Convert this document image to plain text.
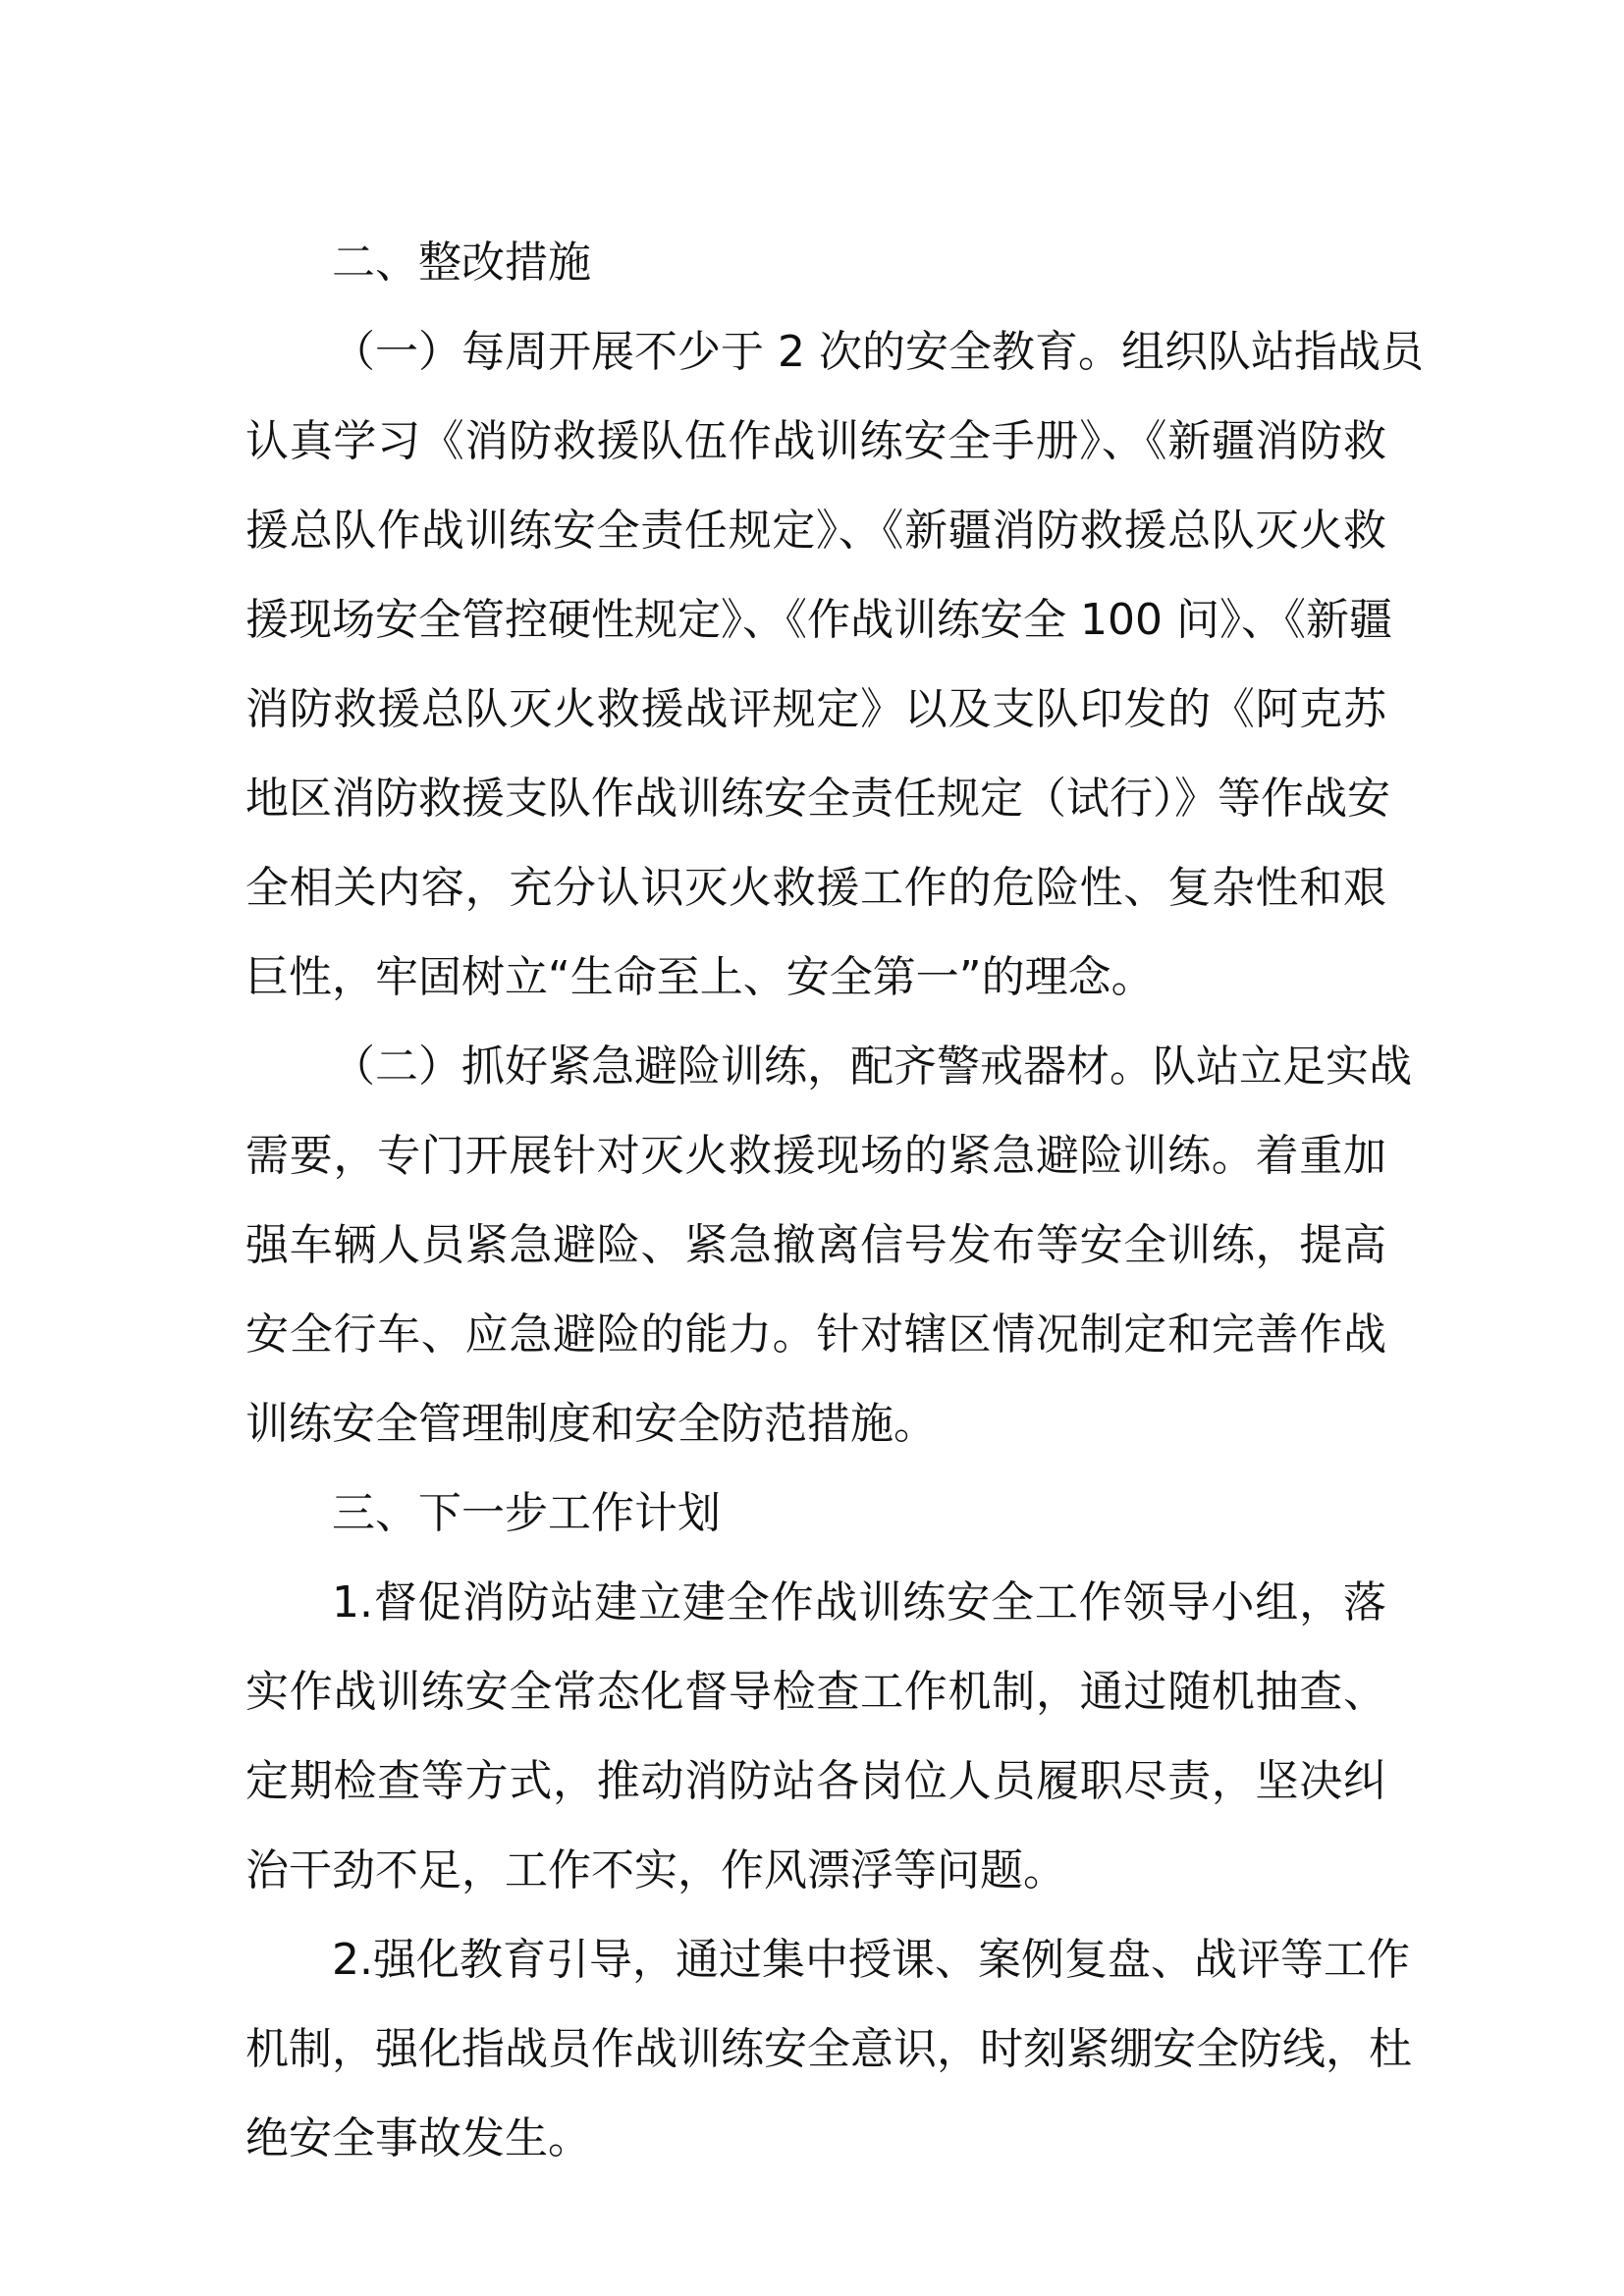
二、整改措施
（一）每周开展不少于 2 次的安全教育。组织队站指战员
认真学习《消防救援队伍作战训练安全手册》、《新疆消防救
援总队作战训练安全责任规定》、《新疆消防救援总队灭火救
援现场安全管控硬性规定》、《作战训练安全 100 问》、《新疆
消防救援总队灭火救援战评规定》以及支队印发的《阿克苏
地区消防救援支队作战训练安全责任规定（试行）》等作战安
全相关内容，充分认识灭火救援工作的危险性、复杂性和艰
巨性，牢固树立“生命至上、安全第一”的理念。
（二）抓好紧急避险训练，配齐警戒器材。队站立足实战
需要，专门开展针对灭火救援现场的紧急避险训练。着重加
强车辆人员紧急避险、紧急撤离信号发布等安全训练，提高
安全行车、应急避险的能力。针对辖区情况制定和完善作战
训练安全管理制度和安全防范措施。
三、下一步工作计划
1.督促消防站建立建全作战训练安全工作领导小组，落
实作战训练安全常态化督导检查工作机制，通过随机抽查、
定期检查等方式，推动消防站各岗位人员履职尽责，坚决纠
治干劲不足，工作不实，作风漂浮等问题。
2.强化教育引导，通过集中授课、案例复盘、战评等工作
机制，强化指战员作战训练安全意识，时刻紧绷安全防线，杜
绝安全事故发生。
